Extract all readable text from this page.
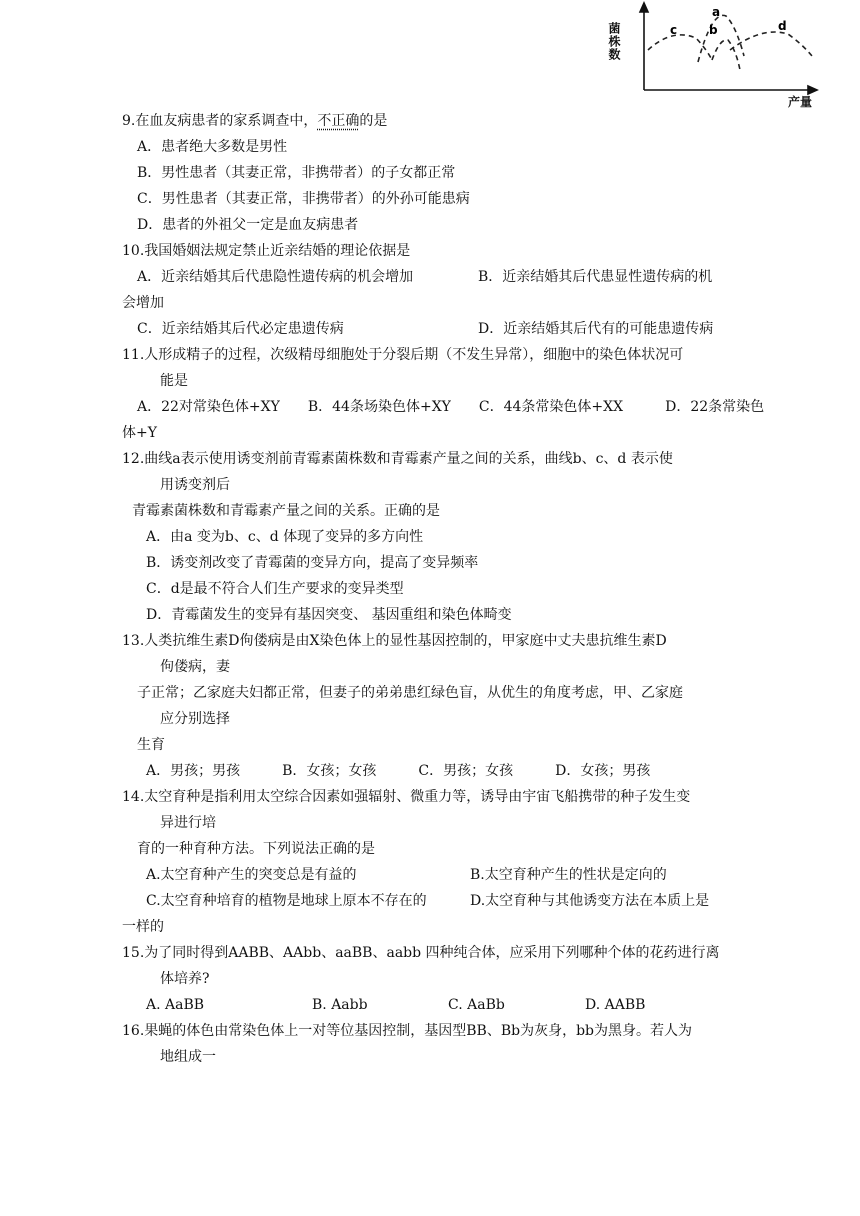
菌株数
产量
a
b
c	d
9.在血友病患者的家系调查中，不正确的是
A．患者绝大多数是男性
B．男性患者（其妻正常，非携带者）的子女都正常
C．男性患者（其妻正常，非携带者）的外孙可能患病
D．患者的外祖父一定是血友病患者
10.我国婚姻法规定禁止近亲结婚的理论依据是
A．近亲结婚其后代患隐性遗传病的机会增加	B．近亲结婚其后代患显性遗传病的机
会增加
C．近亲结婚其后代必定患遗传病	D．近亲结婚其后代有的可能患遗传病
11.人形成精子的过程，次级精母细胞处于分裂后期（不发生异常），细胞中的染色体状况可
能是
A．22对常染色体+XY　　B．44条场染色体+XY　　C．44条常染色体+XX　　　D．22条常染色
体+Y
12.曲线a表示使用诱变剂前青霉素菌株数和青霉素产量之间的关系，曲线b、c、d 表示使
用诱变剂后
青霉素菌株数和青霉素产量之间的关系。正确的是
A．由a 变为b、c、d 体现了变异的多方向性
B．诱变剂改变了青霉菌的变异方向，提高了变异频率
C．d是最不符合人们生产要求的变异类型
D．青霉菌发生的变异有基因突变、 基因重组和染色体畸变
13.人类抗维生素D佝偻病是由X染色体上的显性基因控制的，甲家庭中丈夫患抗维生素D
佝偻病，妻
子正常；乙家庭夫妇都正常，但妻子的弟弟患红绿色盲，从优生的角度考虑，甲、乙家庭
应分别选择
生育
A．男孩；男孩　　　B．女孩；女孩　　　C．男孩；女孩　　　D．女孩；男孩
14.太空育种是指利用太空综合因素如强辐射、微重力等，诱导由宇宙飞船携带的种子发生变
异进行培
育的一种育种方法。下列说法正确的是
A.太空育种产生的突变总是有益的	B.太空育种产生的性状是定向的
C.太空育种培育的植物是地球上原本不存在的	D.太空育种与其他诱变方法在本质上是
一样的
15.为了同时得到AABB、AAbb、aaBB、aabb 四种纯合体，应采用下列哪种个体的花药进行离
体培养?
A. AaBB	B. Aabb	C. AaBb	D. AABB
16.果蝇的体色由常染色体上一对等位基因控制，基因型BB、Bb为灰身，bb为黑身。若人为
地组成一
